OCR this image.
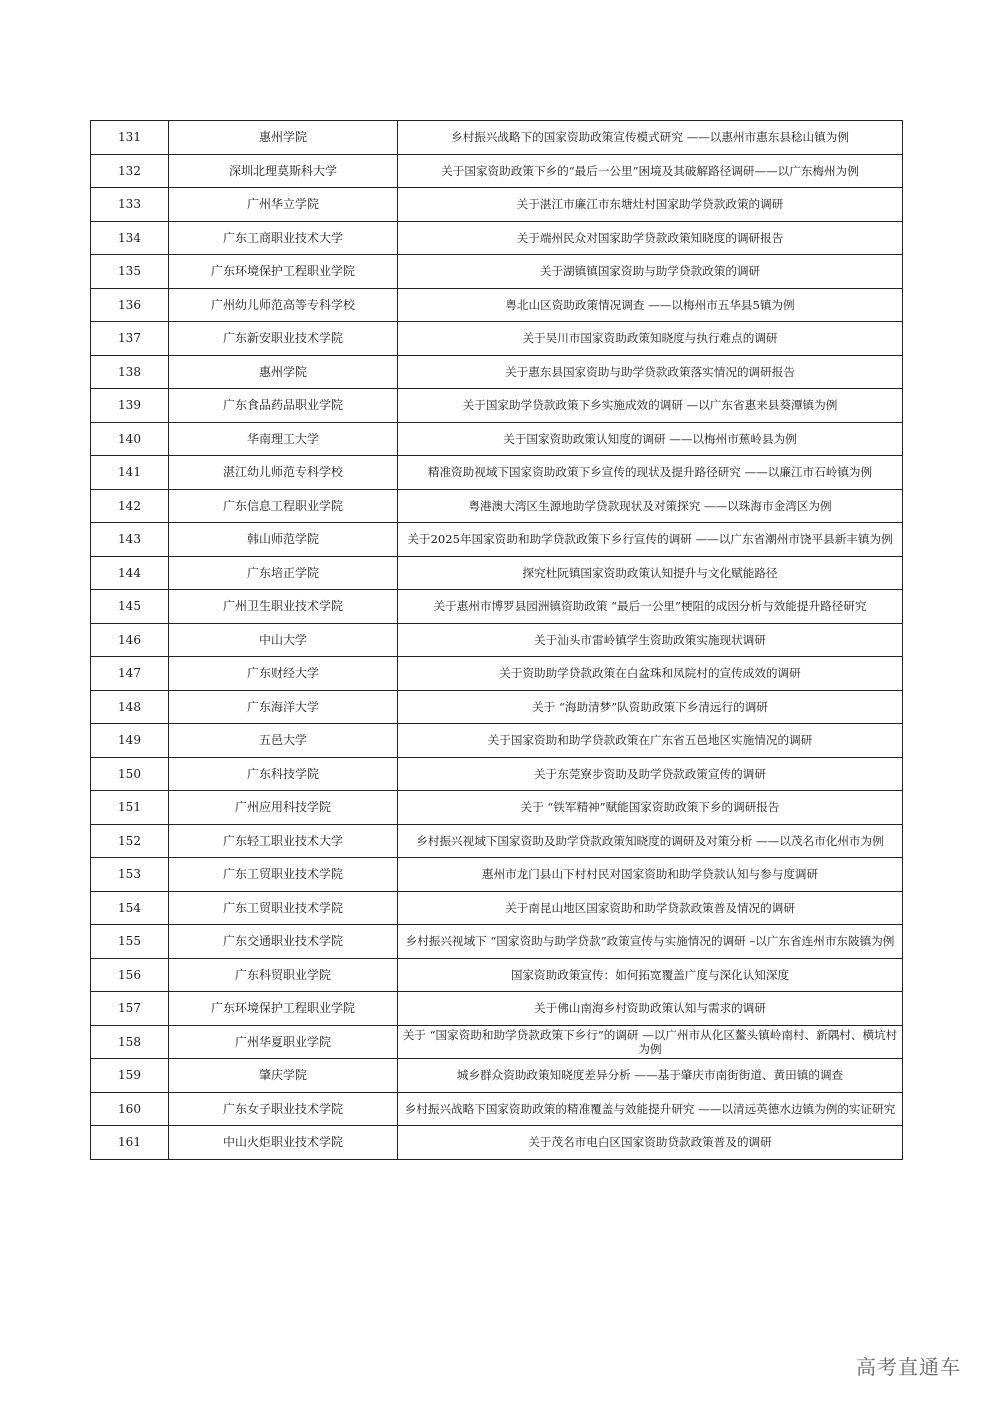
131	惠州学院	乡村振兴战略下的国家资助政策宣传模式研究 ——以惠州市惠东县稔山镇为例
132	深圳北理莫斯科大学	关于国家资助政策下乡的“最后一公里”困境及其破解路径调研——以广东梅州为例
133	广州华立学院	关于湛江市廉江市东塘灶村国家助学贷款政策的调研
134	广东工商职业技术大学	关于端州民众对国家助学贷款政策知晓度的调研报告
135	广东环境保护工程职业学院	关于湖镇镇国家资助与助学贷款政策的调研
136	广州幼儿师范高等专科学校	粤北山区资助政策情况调查 ——以梅州市五华县5镇为例
137	广东新安职业技术学院	关于吴川市国家资助政策知晓度与执行难点的调研
138	惠州学院	关于惠东县国家资助与助学贷款政策落实情况的调研报告
139	广东食品药品职业学院	关于国家助学贷款政策下乡实施成效的调研 —以广东省惠来县葵潭镇为例
140	华南理工大学	关于国家资助政策认知度的调研 ——以梅州市蕉岭县为例
141	湛江幼儿师范专科学校	精准资助视域下国家资助政策下乡宣传的现状及提升路径研究 ——以廉江市石岭镇为例
142	广东信息工程职业学院	粤港澳大湾区生源地助学贷款现状及对策探究 ——以珠海市金湾区为例
143	韩山师范学院	关于2025年国家资助和助学贷款政策下乡行宣传的调研 ——以广东省潮州市饶平县新丰镇为例
144	广东培正学院	探究杜阮镇国家资助政策认知提升与文化赋能路径
145	广州卫生职业技术学院	关于惠州市博罗县园洲镇资助政策 “最后一公里”梗阻的成因分析与效能提升路径研究
146	中山大学	关于汕头市雷岭镇学生资助政策实施现状调研
147	广东财经大学	关于资助助学贷款政策在白盆珠和凤院村的宣传成效的调研
148	广东海洋大学	关于 “海助清梦”队资助政策下乡清远行的调研
149	五邑大学	关于国家资助和助学贷款政策在广东省五邑地区实施情况的调研
150	广东科技学院	关于东莞寮步资助及助学贷款政策宣传的调研
151	广州应用科技学院	关于 “铁军精神”赋能国家资助政策下乡的调研报告
152	广东轻工职业技术大学	乡村振兴视域下国家资助及助学贷款政策知晓度的调研及对策分析 ——以茂名市化州市为例
153	广东工贸职业技术学院	惠州市龙门县山下村村民对国家资助和助学贷款认知与参与度调研
154	广东工贸职业技术学院	关于南昆山地区国家资助和助学贷款政策普及情况的调研
155	广东交通职业技术学院	乡村振兴视域下 “国家资助与助学贷款”政策宣传与实施情况的调研 –以广东省连州市东陂镇为例
156	广东科贸职业学院	国家资助政策宣传：如何拓宽覆盖广度与深化认知深度
157	广东环境保护工程职业学院	关于佛山南海乡村资助政策认知与需求的调研
158	广州华夏职业学院	关于 “国家资助和助学贷款政策下乡行”的调研 —以广州市从化区鳌头镇岭南村、新隅村、横坑村为例
159	肇庆学院	城乡群众资助政策知晓度差异分析 ——基于肇庆市南街街道、黄田镇的调查
160	广东女子职业技术学院	乡村振兴战略下国家资助政策的精准覆盖与效能提升研究 ——以清远英德水边镇为例的实证研究
161	中山火炬职业技术学院	关于茂名市电白区国家资助贷款政策普及的调研
高考直通车
